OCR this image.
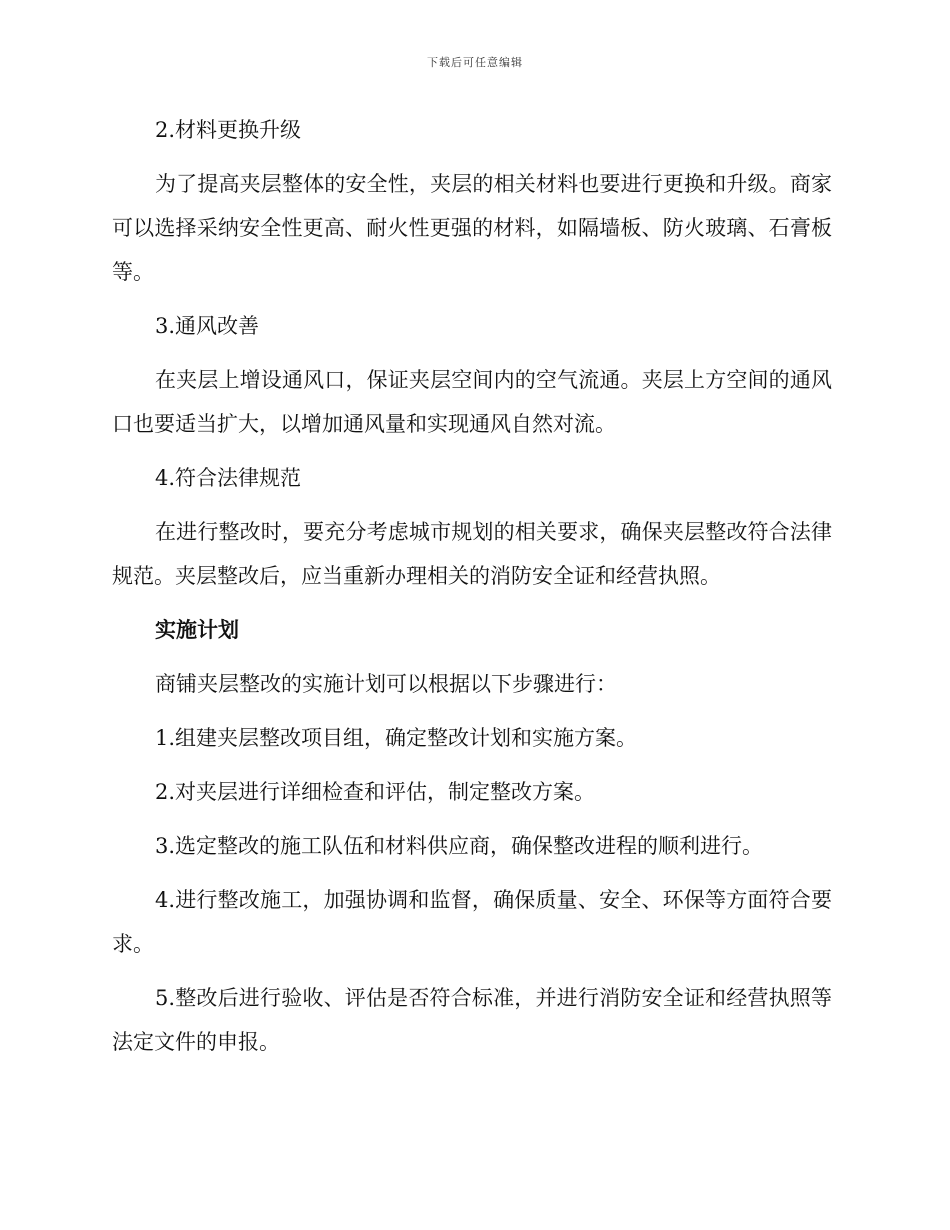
下载后可任意编辑

2.材料更换升级

为了提高夹层整体的安全性，夹层的相关材料也要进行更换和升级。商家可以选择采纳安全性更高、耐火性更强的材料，如隔墙板、防火玻璃、石膏板等。

3.通风改善

在夹层上增设通风口，保证夹层空间内的空气流通。夹层上方空间的通风口也要适当扩大，以增加通风量和实现通风自然对流。

4.符合法律规范

在进行整改时，要充分考虑城市规划的相关要求，确保夹层整改符合法律规范。夹层整改后，应当重新办理相关的消防安全证和经营执照。

实施计划

商铺夹层整改的实施计划可以根据以下步骤进行：

1.组建夹层整改项目组，确定整改计划和实施方案。

2.对夹层进行详细检查和评估，制定整改方案。

3.选定整改的施工队伍和材料供应商，确保整改进程的顺利进行。

4.进行整改施工，加强协调和监督，确保质量、安全、环保等方面符合要求。

5.整改后进行验收、评估是否符合标准，并进行消防安全证和经营执照等法定文件的申报。
